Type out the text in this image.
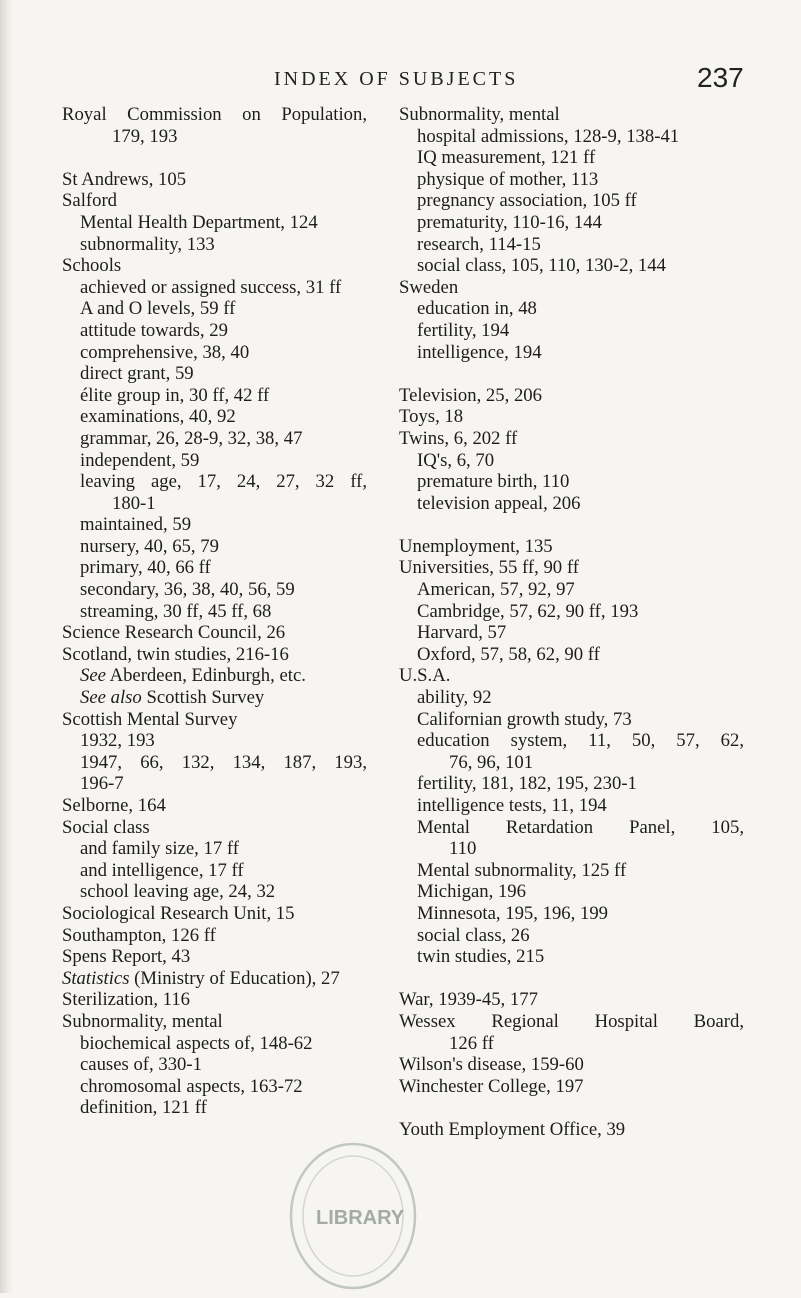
INDEX OF SUBJECTS	237
Royal Commission on Population,
179, 193
St Andrews, 105
Salford
Mental Health Department, 124
subnormality, 133
Schools
achieved or assigned success, 31 ff
A and O levels, 59 ff
attitude towards, 29
comprehensive, 38, 40
direct grant, 59
élite group in, 30 ff, 42 ff
examinations, 40, 92
grammar, 26, 28-9, 32, 38, 47
independent, 59
leaving age, 17, 24, 27, 32 ff,
180-1
maintained, 59
nursery, 40, 65, 79
primary, 40, 66 ff
secondary, 36, 38, 40, 56, 59
streaming, 30 ff, 45 ff, 68
Science Research Council, 26
Scotland, twin studies, 216-16
See Aberdeen, Edinburgh, etc.
See also Scottish Survey
Scottish Mental Survey
1932, 193
1947, 66, 132, 134, 187, 193,
196-7
Selborne, 164
Social class
and family size, 17 ff
and intelligence, 17 ff
school leaving age, 24, 32
Sociological Research Unit, 15
Southampton, 126 ff
Spens Report, 43
Statistics (Ministry of Education), 27
Sterilization, 116
Subnormality, mental
biochemical aspects of, 148-62
causes of, 330-1
chromosomal aspects, 163-72
definition, 121 ff
Subnormality, mental
hospital admissions, 128-9, 138-41
IQ measurement, 121 ff
physique of mother, 113
pregnancy association, 105 ff
prematurity, 110-16, 144
research, 114-15
social class, 105, 110, 130-2, 144
Sweden
education in, 48
fertility, 194
intelligence, 194
Television, 25, 206
Toys, 18
Twins, 6, 202 ff
IQ's, 6, 70
premature birth, 110
television appeal, 206
Unemployment, 135
Universities, 55 ff, 90 ff
American, 57, 92, 97
Cambridge, 57, 62, 90 ff, 193
Harvard, 57
Oxford, 57, 58, 62, 90 ff
U.S.A.
ability, 92
Californian growth study, 73
education system, 11, 50, 57, 62,
76, 96, 101
fertility, 181, 182, 195, 230-1
intelligence tests, 11, 194
Mental Retardation Panel, 105,
110
Mental subnormality, 125 ff
Michigan, 196
Minnesota, 195, 196, 199
social class, 26
twin studies, 215
War, 1939-45, 177
Wessex Regional Hospital Board,
126 ff
Wilson's disease, 159-60
Winchester College, 197
Youth Employment Office, 39
LIBRARY
